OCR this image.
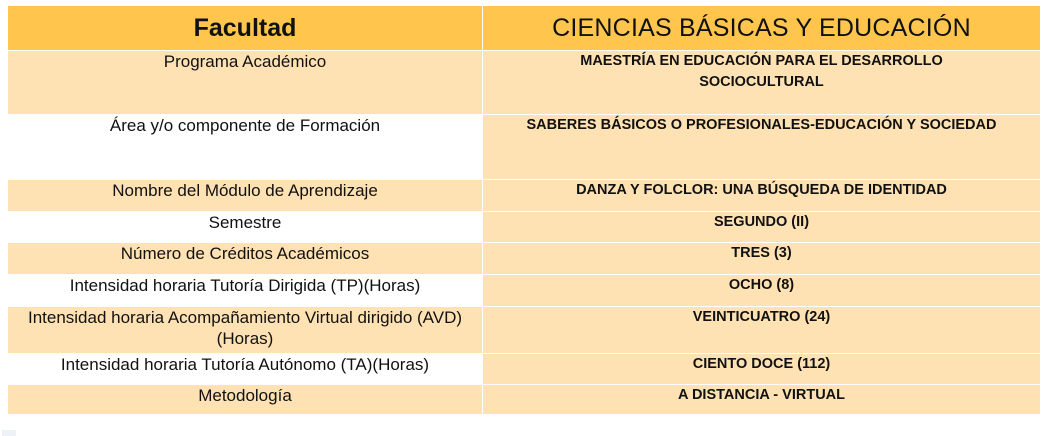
Facultad	CIENCIAS BÁSICAS Y EDUCACIÓN
Programa Académico	MAESTRÍA EN EDUCACIÓN PARA EL DESARROLLO SOCIOCULTURAL
Área y/o componente de Formación	SABERES BÁSICOS O PROFESIONALES-EDUCACIÓN Y SOCIEDAD
Nombre del Módulo de Aprendizaje	DANZA Y FOLCLOR: UNA BÚSQUEDA DE IDENTIDAD
Semestre	SEGUNDO (II)
Número de Créditos Académicos	TRES (3)
Intensidad horaria Tutoría Dirigida (TP)(Horas)	OCHO (8)
Intensidad horaria Acompañamiento Virtual dirigido (AVD)(Horas)	VEINTICUATRO (24)
Intensidad horaria Tutoría Autónomo (TA)(Horas)	CIENTO DOCE (112)
Metodología	A DISTANCIA - VIRTUAL
